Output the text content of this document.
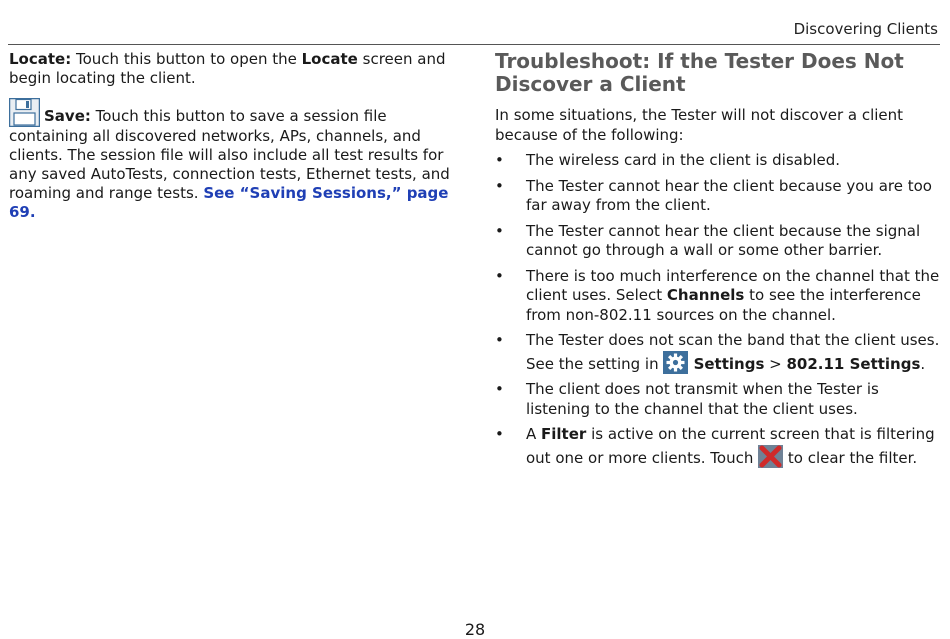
Discovering Clients

Locate: Touch this button to open the Locate screen and begin locating the client.

Save: Touch this button to save a session file containing all discovered networks, APs, channels, and clients. The session file will also include all test results for any saved AutoTests, connection tests, Ethernet tests, and roaming and range tests. See “Saving Sessions,” page 69.

Troubleshoot: If the Tester Does Not Discover a Client

In some situations, the Tester will not discover a client because of the following:

• The wireless card in the client is disabled.
• The Tester cannot hear the client because you are too far away from the client.
• The Tester cannot hear the client because the signal cannot go through a wall or some other barrier.
• There is too much interference on the channel that the client uses. Select Channels to see the interference from non-802.11 sources on the channel.
• The Tester does not scan the band that the client uses. See the setting in  Settings > 802.11 Settings.
• The client does not transmit when the Tester is listening to the channel that the client uses.
• A Filter is active on the current screen that is filtering out one or more clients. Touch  to clear the filter.
28
